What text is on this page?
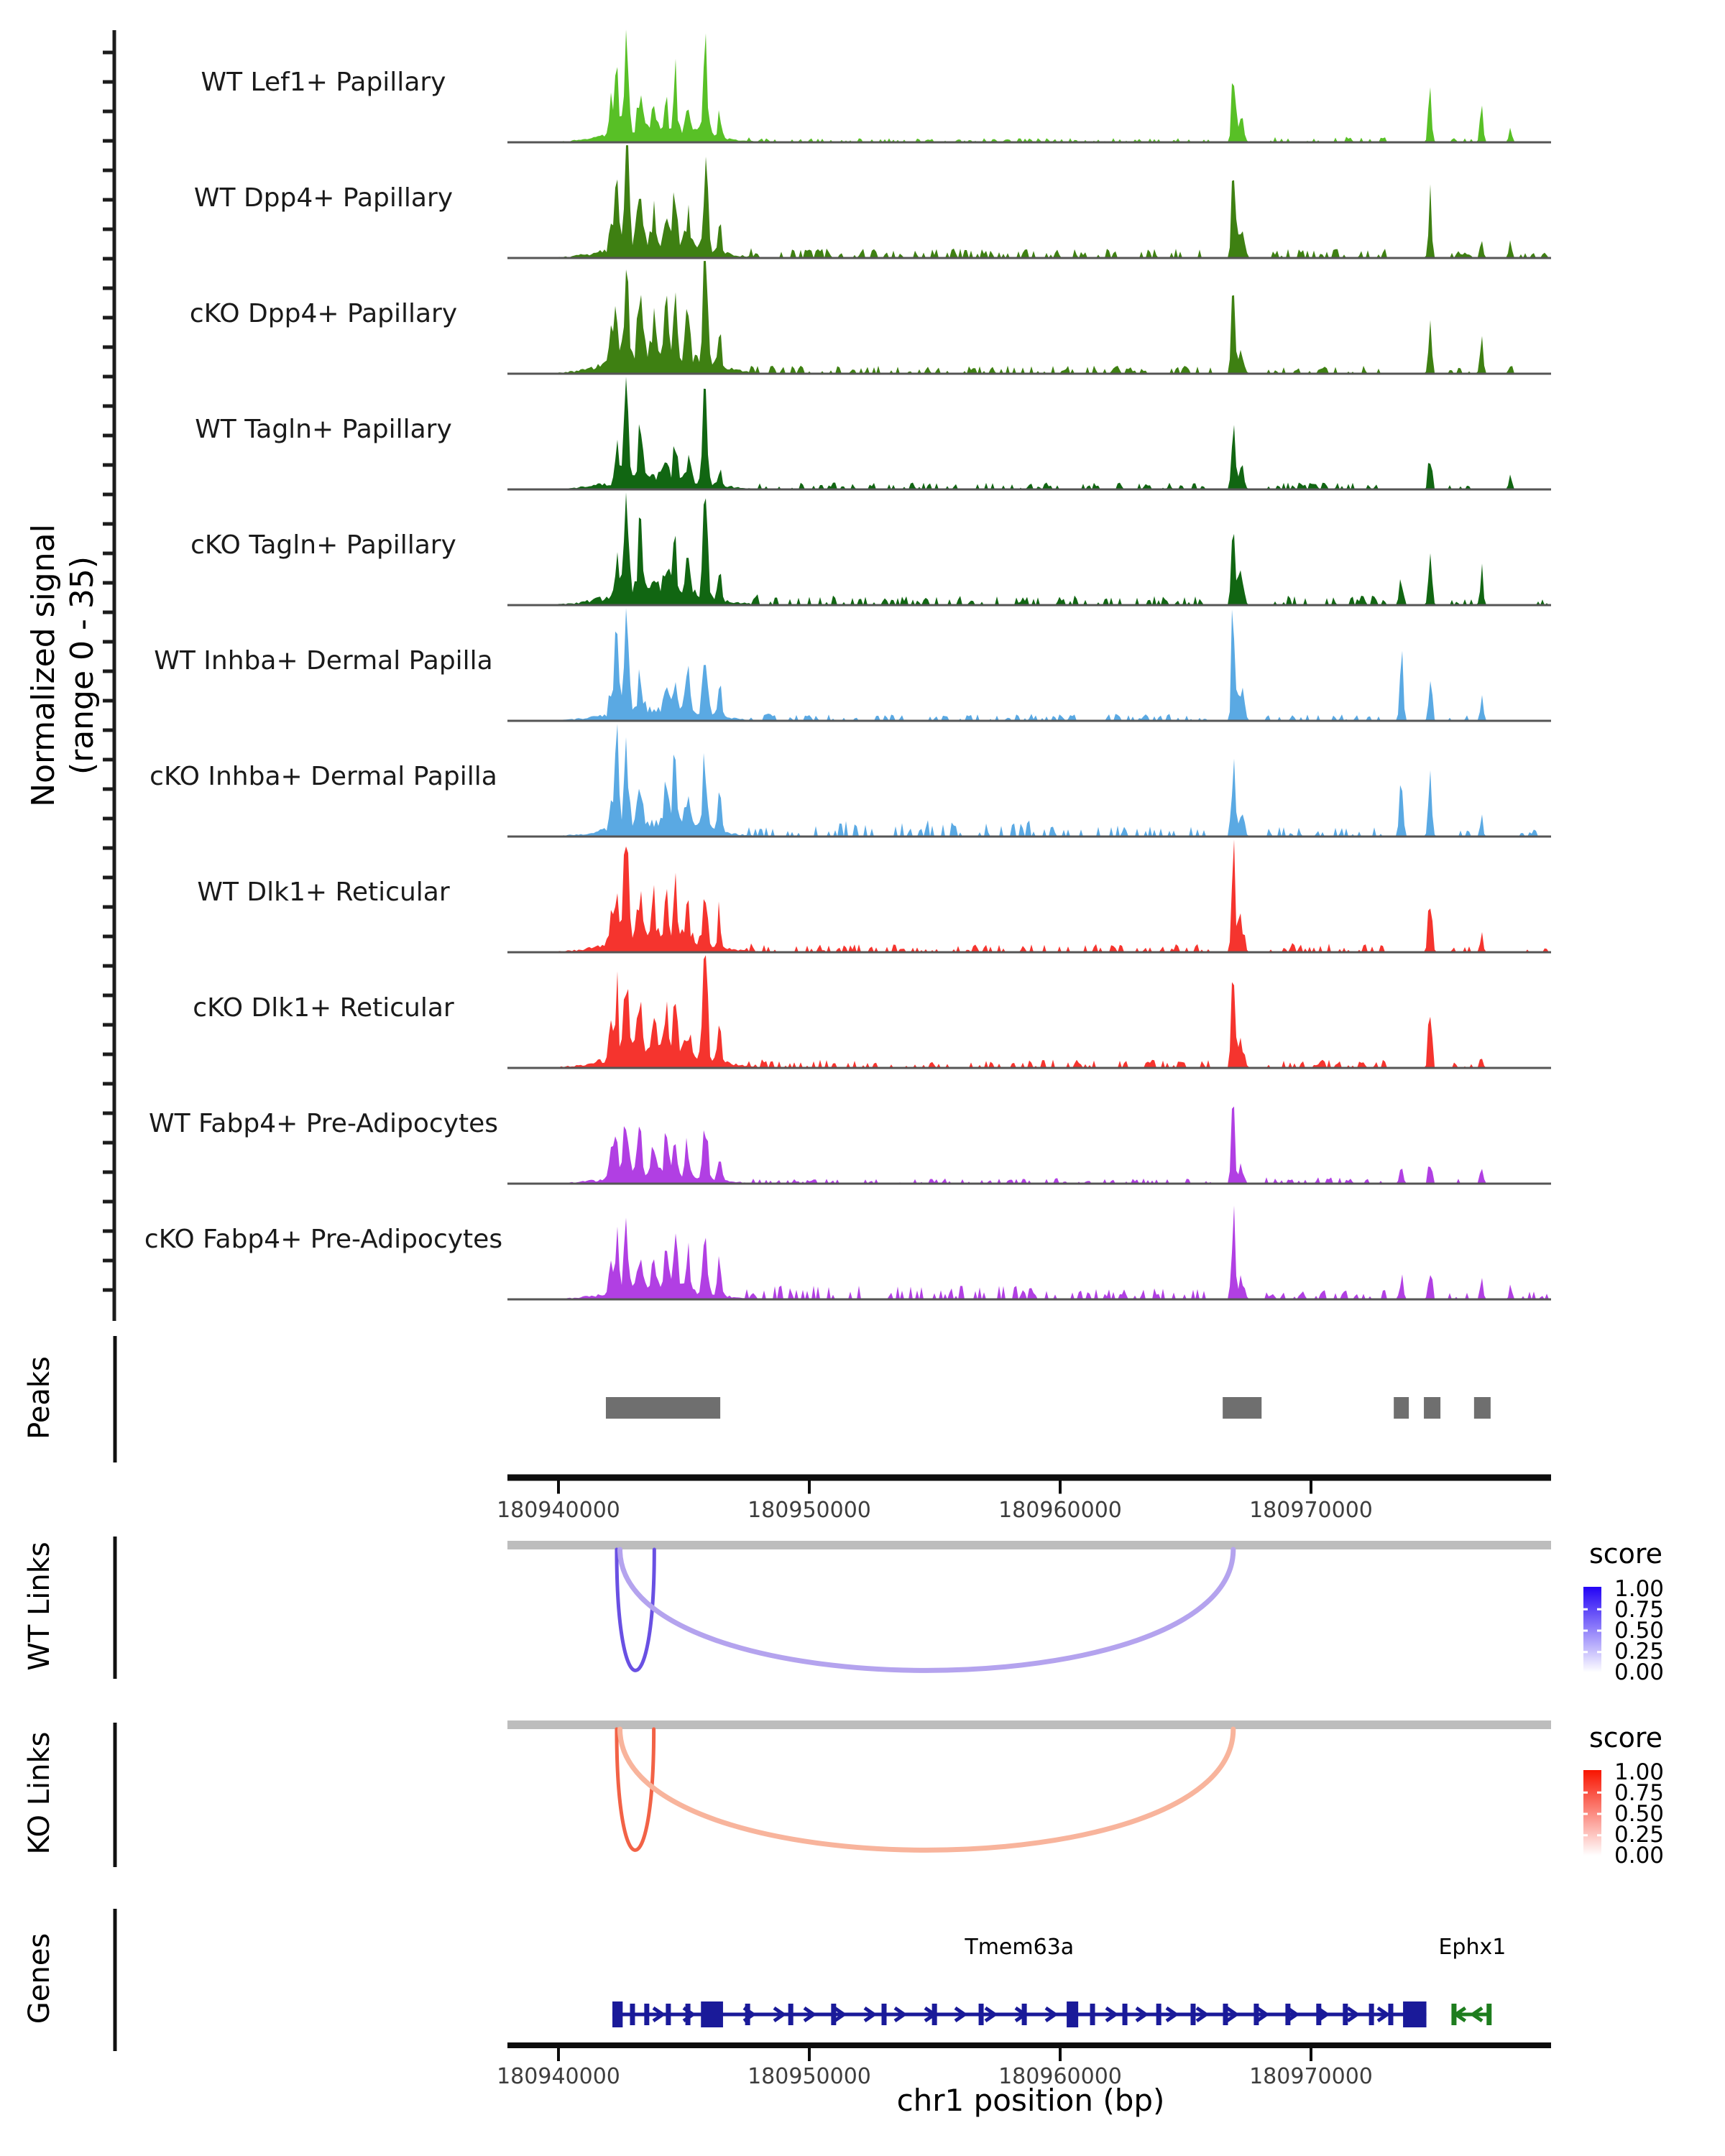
Normalized signal (range 0 - 35)
Peaks
WT Links
KO Links
Genes
score
score
chr1 position (bp)
WT Lef1+ Papillary
WT Dpp4+ Papillary
cKO Dpp4+ Papillary
WT Tagln+ Papillary
cKO Tagln+ Papillary
WT Inhba+ Dermal Papilla
cKO Inhba+ Dermal Papilla
WT Dlk1+ Reticular
cKO Dlk1+ Reticular
WT Fabp4+ Pre-Adipocytes
cKO Fabp4+ Pre-Adipocytes
180940000	180950000	180960000	180970000
180940000	180950000	180960000	180970000
1.00
0.75
0.50
0.25
0.00
1.00
0.75
0.50
0.25
0.00
Tmem63a	Ephx1
